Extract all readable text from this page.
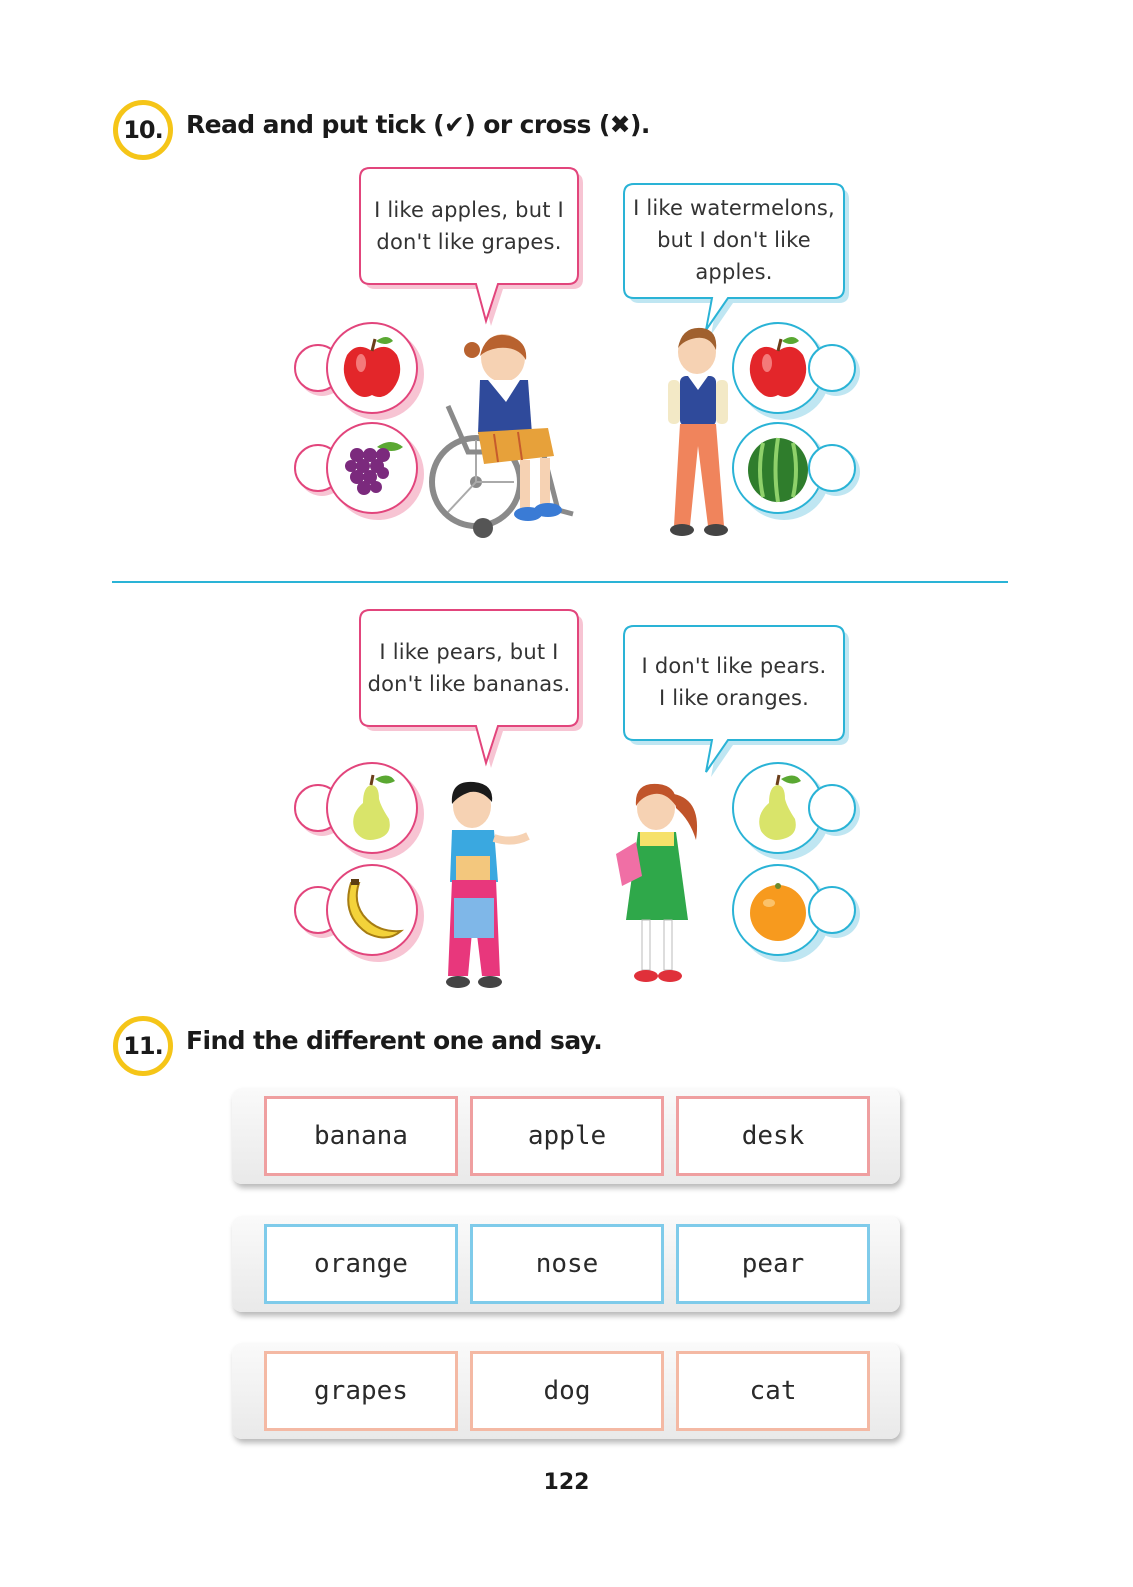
10. Read and put tick (✔) or cross (✖).
I like apples, but I
don't like grapes.
I like watermelons,
but I don't like
apples.
I like pears, but I
don't like bananas.
I don't like pears.
I like oranges.
11. Find the different one and say.
banana	apple	desk
orange	nose	pear
grapes	dog	cat
122
